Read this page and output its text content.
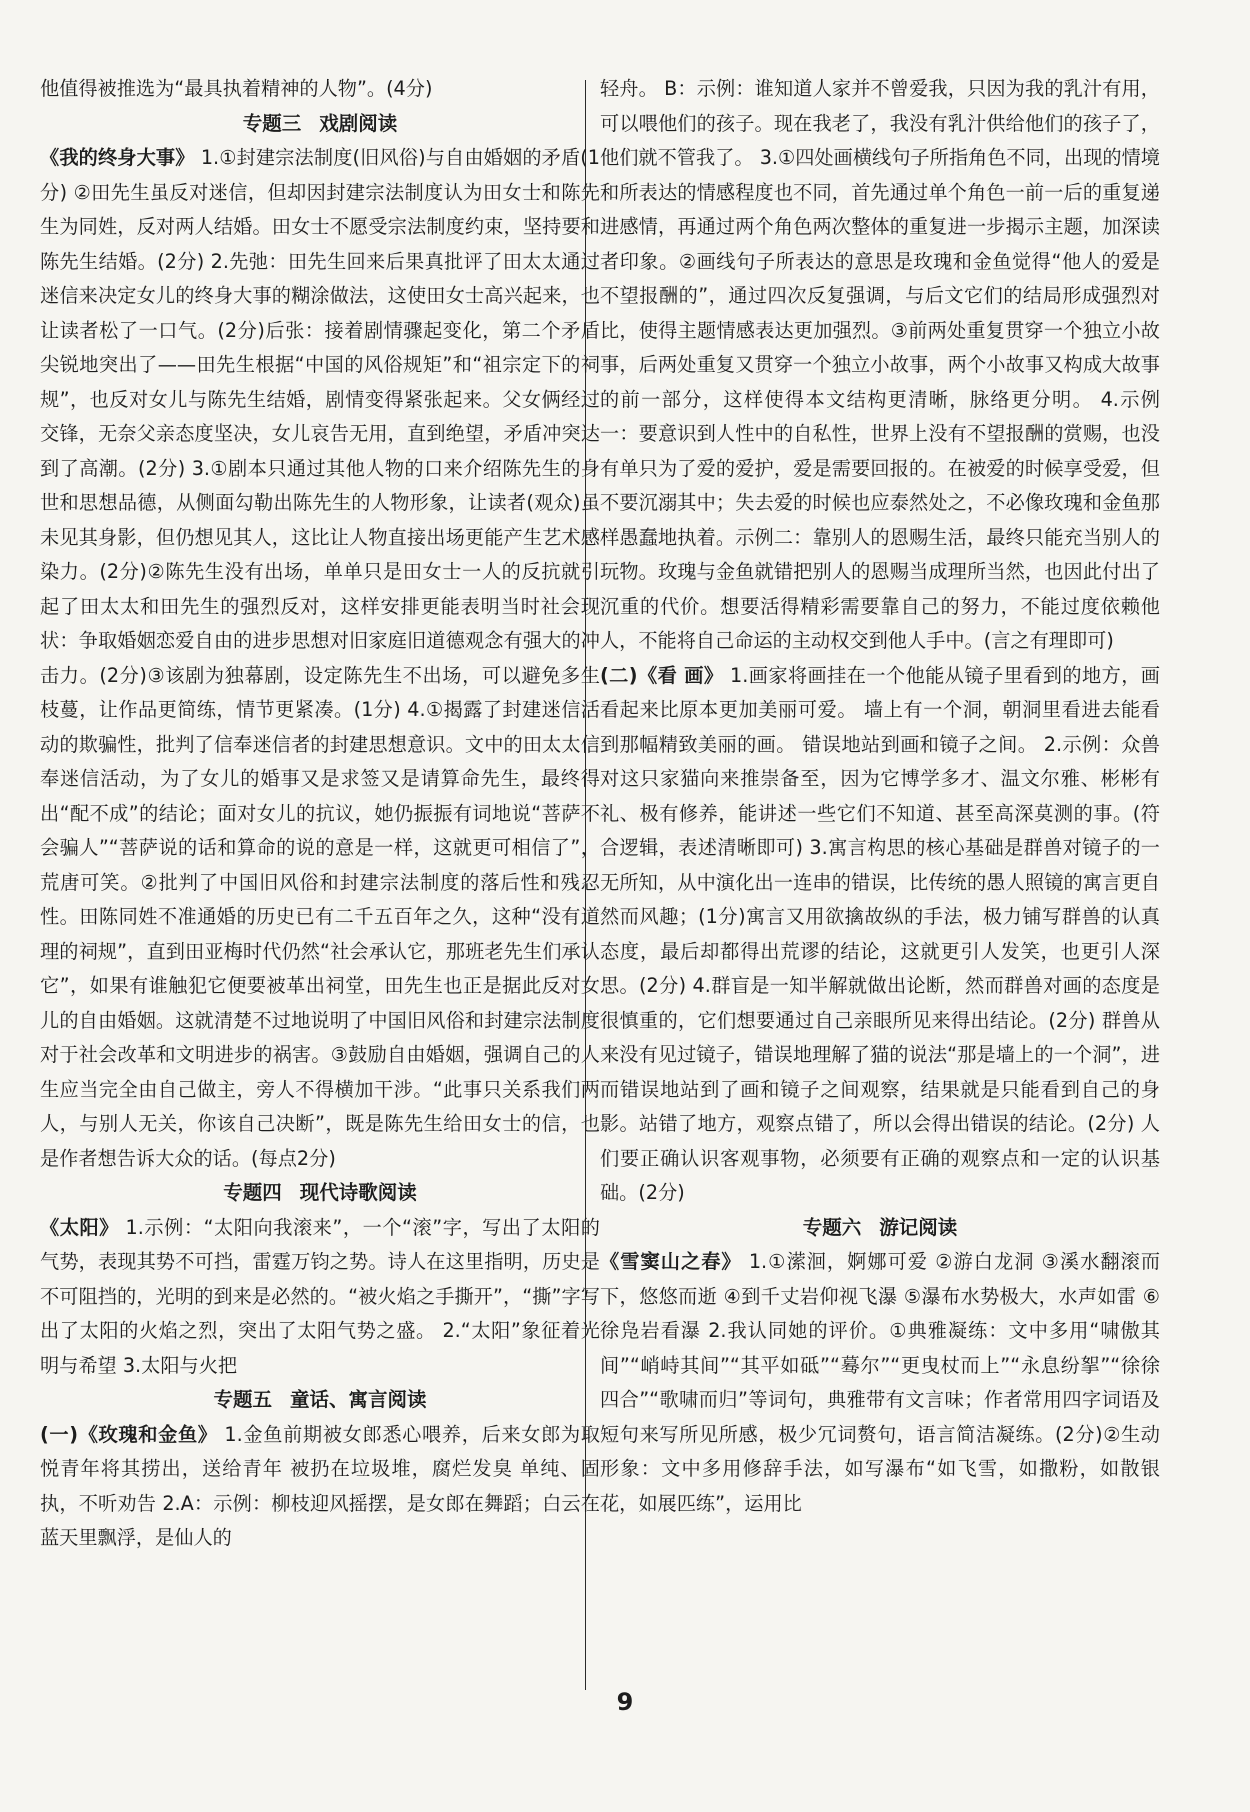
他值得被推选为“最具执着精神的人物”。(4分)

专题三 戏剧阅读

《我的终身大事》 1.①封建宗法制度(旧风俗)与自由婚姻的矛盾(1分) ②田先生虽反对迷信，但却因封建宗法制度认为田女士和陈先生为同姓，反对两人结婚。田女士不愿受宗法制度约束，坚持要和陈先生结婚。(2分) 2.先弛：田先生回来后果真批评了田太太通过迷信来决定女儿的终身大事的糊涂做法，这使田女士高兴起来，也让读者松了一口气。(2分)后张：接着剧情骤起变化，第二个矛盾尖锐地突出了——田先生根据“中国的风俗规矩”和“祖宗定下的祠规”，也反对女儿与陈先生结婚，剧情变得紧张起来。父女俩经过交锋，无奈父亲态度坚决，女儿哀告无用，直到绝望，矛盾冲突达到了高潮。(2分) 3.①剧本只通过其他人物的口来介绍陈先生的身世和思想品德，从侧面勾勒出陈先生的人物形象，让读者(观众)虽未见其身影，但仍想见其人，这比让人物直接出场更能产生艺术感染力。(2分)②陈先生没有出场，单单只是田女士一人的反抗就引起了田太太和田先生的强烈反对，这样安排更能表明当时社会现状：争取婚姻恋爱自由的进步思想对旧家庭旧道德观念有强大的冲击力。(2分)③该剧为独幕剧，设定陈先生不出场，可以避免多生枝蔓，让作品更简练，情节更紧凑。(1分) 4.①揭露了封建迷信活动的欺骗性，批判了信奉迷信者的封建思想意识。文中的田太太信奉迷信活动，为了女儿的婚事又是求签又是请算命先生，最终得出“配不成”的结论；面对女儿的抗议，她仍振振有词地说“菩萨不会骗人”“菩萨说的话和算命的说的意是一样，这就更可相信了”，荒唐可笑。②批判了中国旧风俗和封建宗法制度的落后性和残忍性。田陈同姓不准通婚的历史已有二千五百年之久，这种“没有道理的祠规”，直到田亚梅时代仍然“社会承认它，那班老先生们承认它”，如果有谁触犯它便要被革出祠堂，田先生也正是据此反对女儿的自由婚姻。这就清楚不过地说明了中国旧风俗和封建宗法制度对于社会改革和文明进步的祸害。③鼓励自由婚姻，强调自己的人生应当完全由自己做主，旁人不得横加干涉。“此事只关系我们两人，与别人无关，你该自己决断”，既是陈先生给田女士的信，也是作者想告诉大众的话。(每点2分)

专题四 现代诗歌阅读

《太阳》 1.示例：“太阳向我滚来”，一个“滚”字，写出了太阳的气势，表现其势不可挡，雷霆万钧之势。诗人在这里指明，历史是不可阻挡的，光明的到来是必然的。“被火焰之手撕开”，“撕”字写出了太阳的火焰之烈，突出了太阳气势之盛。 2.“太阳”象征着光明与希望 3.太阳与火把

专题五 童话、寓言阅读

(一)《玫瑰和金鱼》 1.金鱼前期被女郎悉心喂养，后来女郎为取悦青年将其捞出，送给青年 被扔在垃圾堆，腐烂发臭 单纯、固执，不听劝告 2.A：示例：柳枝迎风摇摆，是女郎在舞蹈；白云在蓝天里飘浮，是仙人的

轻舟。 B：示例：谁知道人家并不曾爱我，只因为我的乳汁有用，可以喂他们的孩子。现在我老了，我没有乳汁供给他们的孩子了，他们就不管我了。 3.①四处画横线句子所指角色不同，出现的情境和所表达的情感程度也不同，首先通过单个角色一前一后的重复递进感情，再通过两个角色两次整体的重复进一步揭示主题，加深读者印象。②画线句子所表达的意思是玫瑰和金鱼觉得“他人的爱是不望报酬的”，通过四次反复强调，与后文它们的结局形成强烈对比，使得主题情感表达更加强烈。③前两处重复贯穿一个独立小故事，后两处重复又贯穿一个独立小故事，两个小故事又构成大故事的前一部分，这样使得本文结构更清晰，脉络更分明。 4.示例一：要意识到人性中的自私性，世界上没有不望报酬的赏赐，也没有单只为了爱的爱护，爱是需要回报的。在被爱的时候享受爱，但不要沉溺其中；失去爱的时候也应泰然处之，不必像玫瑰和金鱼那样愚蠢地执着。示例二：靠别人的恩赐生活，最终只能充当别人的玩物。玫瑰与金鱼就错把别人的恩赐当成理所当然，也因此付出了沉重的代价。想要活得精彩需要靠自己的努力，不能过度依赖他人，不能将自己命运的主动权交到他人手中。(言之有理即可)

(二)《看 画》 1.画家将画挂在一个他能从镜子里看到的地方，画看起来比原本更加美丽可爱。 墙上有一个洞，朝洞里看进去能看到那幅精致美丽的画。 错误地站到画和镜子之间。 2.示例：众兽对这只家猫向来推崇备至，因为它博学多才、温文尔雅、彬彬有礼、极有修养，能讲述一些它们不知道、甚至高深莫测的事。(符合逻辑，表述清晰即可) 3.寓言构思的核心基础是群兽对镜子的一无所知，从中演化出一连串的错误，比传统的愚人照镜的寓言更自然而风趣；(1分)寓言又用欲擒故纵的手法，极力铺写群兽的认真态度，最后却都得出荒谬的结论，这就更引人发笑，也更引人深思。(2分) 4.群盲是一知半解就做出论断，然而群兽对画的态度是很慎重的，它们想要通过自己亲眼所见来得出结论。(2分) 群兽从来没有见过镜子，错误地理解了猫的说法“那是墙上的一个洞”，进而错误地站到了画和镜子之间观察，结果就是只能看到自己的身影。站错了地方，观察点错了，所以会得出错误的结论。(2分) 人们要正确认识客观事物，必须要有正确的观察点和一定的认识基础。(2分)

专题六 游记阅读

《雪窦山之春》 1.①潆洄，婀娜可爱 ②游白龙洞 ③溪水翻滚而下，悠悠而逝 ④到千丈岩仰视飞瀑 ⑤瀑布水势极大，水声如雷 ⑥徐凫岩看瀑 2.我认同她的评价。①典雅凝练：文中多用“啸傲其间”“峭峙其间”“其平如砥”“蓦尔”“更曳杖而上”“永息纷挐”“徐徐四合”“歌啸而归”等词句，典雅带有文言味；作者常用四字词语及短句来写所见所感，极少冗词赘句，语言简洁凝练。(2分)②生动形象：文中多用修辞手法，如写瀑布“如飞雪，如撒粉，如散银花，如展匹练”，运用比

9
